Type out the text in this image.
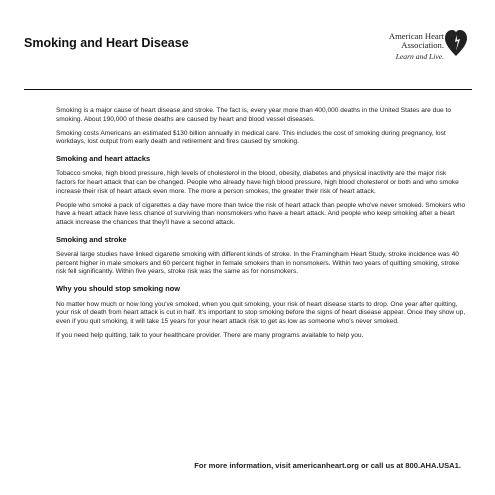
Smoking and Heart Disease	American Heart
Association.
Learn and Live.

Smoking is a major cause of heart disease and stroke. The fact is, every year more than 400,000 deaths in the United States are due to smoking. About 190,000 of these deaths are caused by heart and blood vessel diseases.

Smoking costs Americans an estimated $130 billion annually in medical care. This includes the cost of smoking during pregnancy, lost workdays, lost output from early death and retirement and fires caused by smoking.

Smoking and heart attacks

Tobacco smoke, high blood pressure, high levels of cholesterol in the blood, obesity, diabetes and physical inactivity are the major risk factors for heart attack that can be changed. People who already have high blood pressure, high blood cholesterol or both and who smoke increase their risk of heart attack even more. The more a person smokes, the greater their risk of heart attack.

People who smoke a pack of cigarettes a day have more than twice the risk of heart attack than people who've never smoked. Smokers who have a heart attack have less chance of surviving than nonsmokers who have a heart attack. And people who keep smoking after a heart attack increase the chances that they'll have a second attack.

Smoking and stroke

Several large studies have linked cigarette smoking with different kinds of stroke. In the Framingham Heart Study, stroke incidence was 40 percent higher in male smokers and 60 percent higher in female smokers than in nonsmokers. Within two years of quitting smoking, stroke risk fell significantly. Within five years, stroke risk was the same as for nonsmokers.

Why you should stop smoking now

No matter how much or how long you've smoked, when you quit smoking, your risk of heart disease starts to drop. One year after quitting, your risk of death from heart attack is cut in half. It's important to stop smoking before the signs of heart disease appear. Once they show up, even if you quit smoking, it will take 15 years for your heart attack risk to get as low as someone who's never smoked.

If you need help quitting, talk to your healthcare provider. There are many programs available to help you.

For more information, visit americanheart.org or call us at 800.AHA.USA1.
